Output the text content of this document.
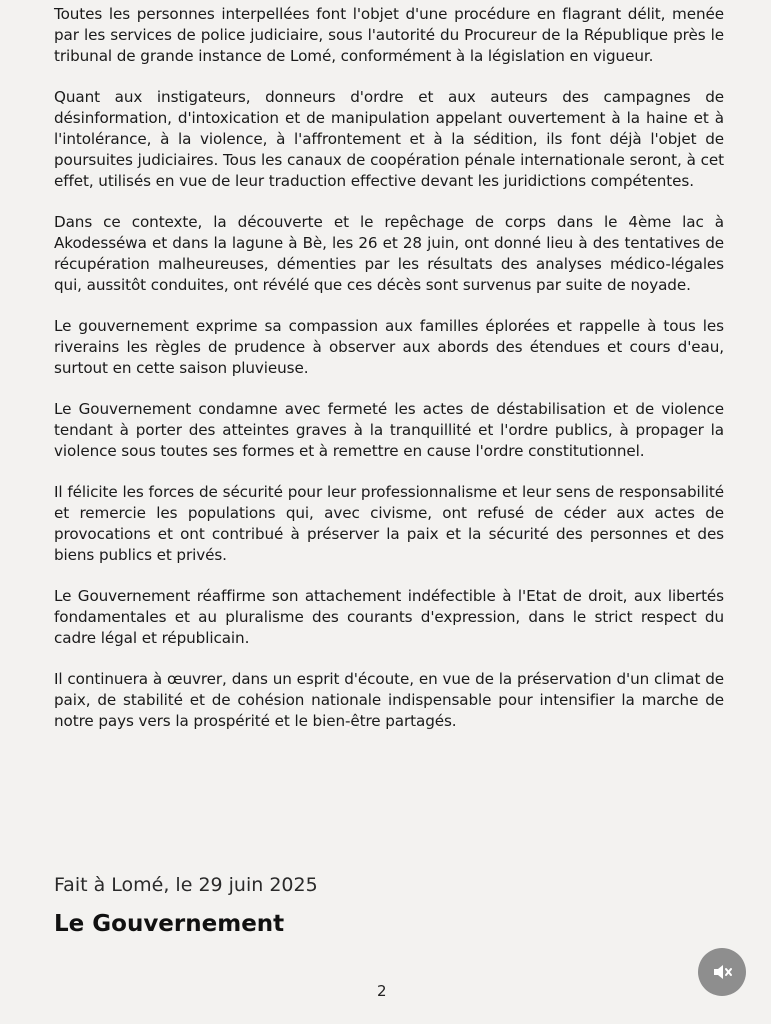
Toutes les personnes interpellées font l'objet d'une procédure en flagrant délit, menée par les services de police judiciaire, sous l'autorité du Procureur de la République près le tribunal de grande instance de Lomé, conformément à la législation en vigueur.

Quant aux instigateurs, donneurs d'ordre et aux auteurs des campagnes de désinformation, d'intoxication et de manipulation appelant ouvertement à la haine et à l'intolérance, à la violence, à l'affrontement et à la sédition, ils font déjà l'objet de poursuites judiciaires. Tous les canaux de coopération pénale internationale seront, à cet effet, utilisés en vue de leur traduction effective devant les juridictions compétentes.

Dans ce contexte, la découverte et le repêchage de corps dans le 4ème lac à Akodesséwa et dans la lagune à Bè, les 26 et 28 juin, ont donné lieu à des tentatives de récupération malheureuses, démenties par les résultats des analyses médico-légales qui, aussitôt conduites, ont révélé que ces décès sont survenus par suite de noyade.

Le gouvernement exprime sa compassion aux familles éplorées et rappelle à tous les riverains les règles de prudence à observer aux abords des étendues et cours d'eau, surtout en cette saison pluvieuse.

Le Gouvernement condamne avec fermeté les actes de déstabilisation et de violence tendant à porter des atteintes graves à la tranquillité et l'ordre publics, à propager la violence sous toutes ses formes et à remettre en cause l'ordre constitutionnel.

Il félicite les forces de sécurité pour leur professionnalisme et leur sens de responsabilité et remercie les populations qui, avec civisme, ont refusé de céder aux actes de provocations et ont contribué à préserver la paix et la sécurité des personnes et des biens publics et privés.

Le Gouvernement réaffirme son attachement indéfectible à l'Etat de droit, aux libertés fondamentales et au pluralisme des courants d'expression, dans le strict respect du cadre légal et républicain.

Il continuera à œuvrer, dans un esprit d'écoute, en vue de la préservation d'un climat de paix, de stabilité et de cohésion nationale indispensable pour intensifier la marche de notre pays vers la prospérité et le bien-être partagés.

Fait à Lomé, le 29 juin 2025
Le Gouvernement
2
